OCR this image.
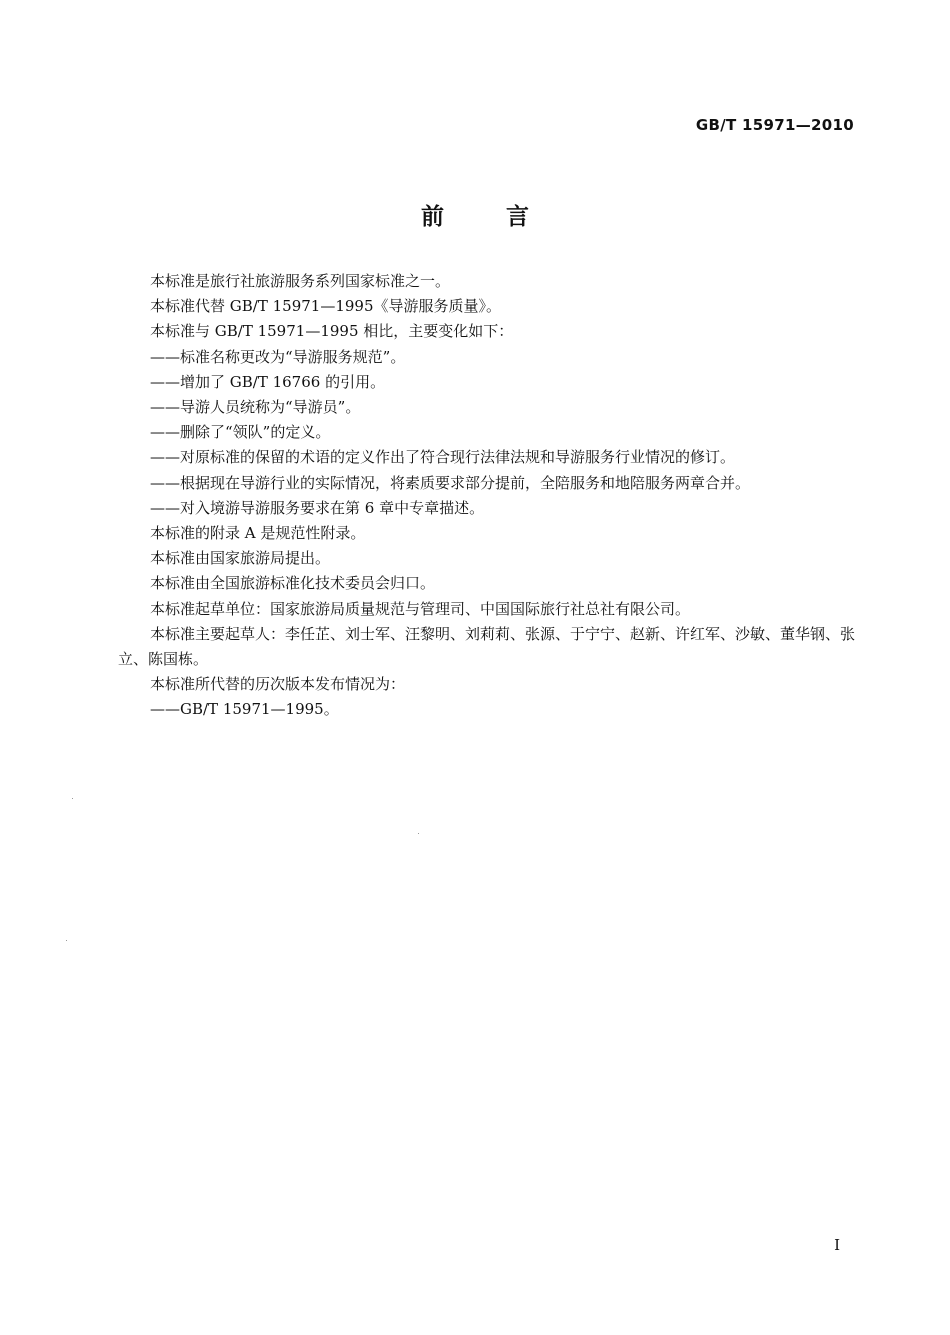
GB/T 15971—2010
前言

本标准是旅行社旅游服务系列国家标准之一。

本标准代替 GB/T 15971—1995《导游服务质量》。

本标准与 GB/T 15971—1995 相比，主要变化如下：

——标准名称更改为“导游服务规范”。

——增加了 GB/T 16766 的引用。

——导游人员统称为“导游员”。

——删除了“领队”的定义。

——对原标准的保留的术语的定义作出了符合现行法律法规和导游服务行业情况的修订。

——根据现在导游行业的实际情况，将素质要求部分提前，全陪服务和地陪服务两章合并。

——对入境游导游服务要求在第 6 章中专章描述。

本标准的附录 A 是规范性附录。

本标准由国家旅游局提出。

本标准由全国旅游标准化技术委员会归口。

本标准起草单位：国家旅游局质量规范与管理司、中国国际旅行社总社有限公司。

本标准主要起草人：李任芷、刘士军、汪黎明、刘莉莉、张源、于宁宁、赵新、许红军、沙敏、董华钢、张立、陈国栋。

本标准所代替的历次版本发布情况为：

——GB/T 15971—1995。

I
